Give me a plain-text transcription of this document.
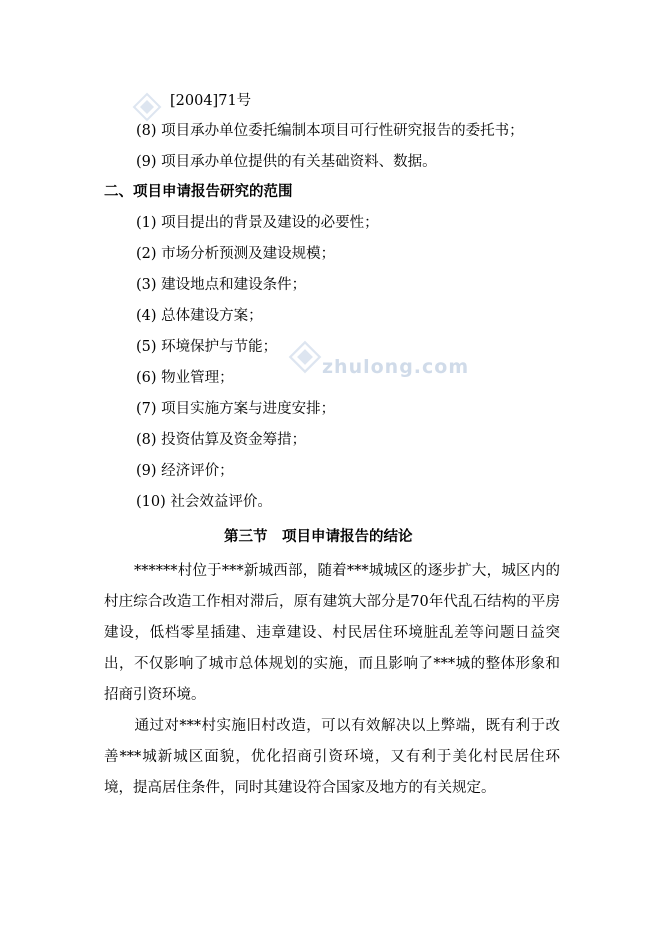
zhulong.com
[2004]71号
(8) 项目承办单位委托编制本项目可行性研究报告的委托书；
(9) 项目承办单位提供的有关基础资料、数据。
二、项目申请报告研究的范围
(1) 项目提出的背景及建设的必要性；
(2) 市场分析预测及建设规模；
(3) 建设地点和建设条件；
(4) 总体建设方案；
(5) 环境保护与节能；
(6) 物业管理；
(7) 项目实施方案与进度安排；
(8) 投资估算及资金筹措；
(9) 经济评价；
(10) 社会效益评价。
第三节　项目申请报告的结论
******村位于***新城西部，随着***城城区的逐步扩大，城区内的村庄综合改造工作相对滞后，原有建筑大部分是70年代乱石结构的平房建设，低档零星插建、违章建设、村民居住环境脏乱差等问题日益突出，不仅影响了城市总体规划的实施，而且影响了***城的整体形象和招商引资环境。
通过对***村实施旧村改造，可以有效解决以上弊端，既有利于改善***城新城区面貌，优化招商引资环境，又有利于美化村民居住环境，提高居住条件，同时其建设符合国家及地方的有关规定。
